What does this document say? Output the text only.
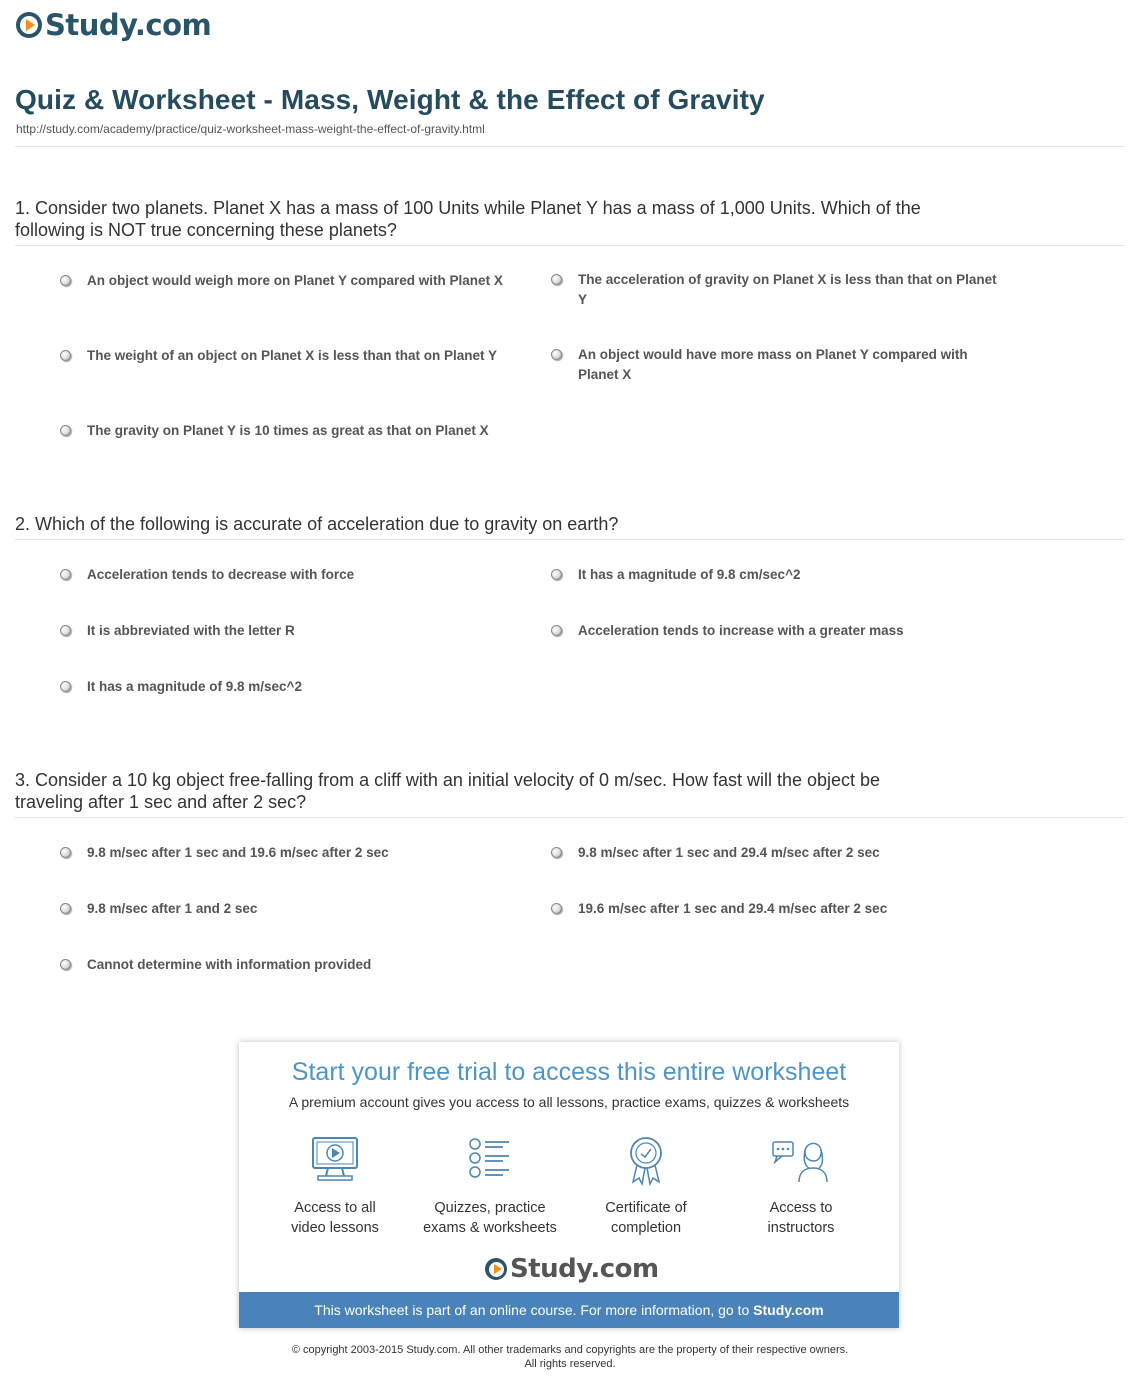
Study.com
Quiz & Worksheet - Mass, Weight & the Effect of Gravity
http://study.com/academy/practice/quiz-worksheet-mass-weight-the-effect-of-gravity.html
1. Consider two planets. Planet X has a mass of 100 Units while Planet Y has a mass of 1,000 Units. Which of the following is NOT true concerning these planets?
An object would weigh more on Planet Y compared with Planet X	The acceleration of gravity on Planet X is less than that on Planet Y
The weight of an object on Planet X is less than that on Planet Y	An object would have more mass on Planet Y compared with Planet X
The gravity on Planet Y is 10 times as great as that on Planet X
2. Which of the following is accurate of acceleration due to gravity on earth?
Acceleration tends to decrease with force	It has a magnitude of 9.8 cm/sec^2
It is abbreviated with the letter R	Acceleration tends to increase with a greater mass
It has a magnitude of 9.8 m/sec^2
3. Consider a 10 kg object free-falling from a cliff with an initial velocity of 0 m/sec. How fast will the object be traveling after 1 sec and after 2 sec?
9.8 m/sec after 1 sec and 19.6 m/sec after 2 sec	9.8 m/sec after 1 sec and 29.4 m/sec after 2 sec
9.8 m/sec after 1 and 2 sec	19.6 m/sec after 1 sec and 29.4 m/sec after 2 sec
Cannot determine with information provided
Start your free trial to access this entire worksheet
A premium account gives you access to all lessons, practice exams, quizzes & worksheets
Access to all
video lessons
Quizzes, practice
exams & worksheets
Certificate of
completion
Access to
instructors
Study.com
This worksheet is part of an online course. For more information, go to Study.com
© copyright 2003-2015 Study.com. All other trademarks and copyrights are the property of their respective owners.
All rights reserved.
